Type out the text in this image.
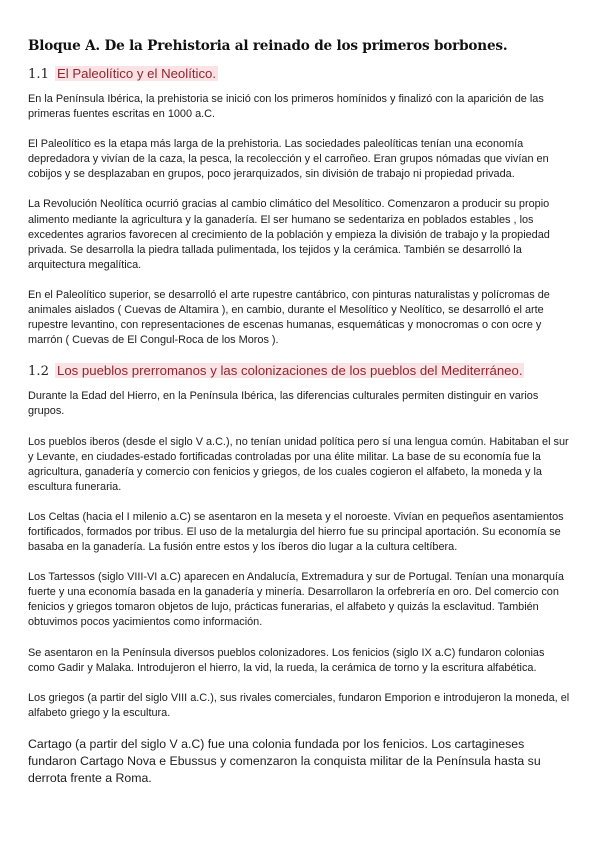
Bloque A. De la Prehistoria al reinado de los primeros borbones.
1.1 El Paleolítico y el Neolítico.

En la Península Ibérica, la prehistoria se inició con los primeros homínidos y finalizó con la aparición de las primeras fuentes escritas en 1000 a.C.

El Paleolítico es la etapa más larga de la prehistoria. Las sociedades paleolíticas tenían una economía depredadora y vivían de la caza, la pesca, la recolección y el carroñeo. Eran grupos nómadas que vivían en cobijos y se desplazaban en grupos, poco jerarquizados, sin división de trabajo ni propiedad privada.

La Revolución Neolítica ocurrió gracias al cambio climático del Mesolítico. Comenzaron a producir su propio alimento mediante la agricultura y la ganadería. El ser humano se sedentariza en poblados estables , los excedentes agrarios favorecen al crecimiento de la población y empieza la división de trabajo y la propiedad privada. Se desarrolla la piedra tallada pulimentada, los tejidos y la cerámica. También se desarrolló la arquitectura megalítica.

En el Paleolítico superior, se desarrolló el arte rupestre cantábrico, con pinturas naturalistas y polícromas de animales aislados ( Cuevas de Altamira ), en cambio, durante el Mesolítico y Neolítico, se desarrolló el arte rupestre levantino, con representaciones de escenas humanas, esquemáticas y monocromas o con ocre y marrón ( Cuevas de El Congul-Roca de los Moros ).

1.2 Los pueblos prerromanos y las colonizaciones de los pueblos del Mediterráneo.

Durante la Edad del Hierro, en la Península Ibérica, las diferencias culturales permiten distinguir en varios grupos.

Los pueblos iberos (desde el siglo V a.C.), no tenían unidad política pero sí una lengua común. Habitaban el sur y Levante, en ciudades-estado fortificadas controladas por una élite militar. La base de su economía fue la agricultura, ganadería y comercio con fenicios y griegos, de los cuales cogieron el alfabeto, la moneda y la escultura funeraria.

Los Celtas (hacia el I milenio a.C) se asentaron en la meseta y el noroeste. Vivían en pequeños asentamientos fortificados, formados por tribus. El uso de la metalurgia del hierro fue su principal aportación. Su economía se basaba en la ganadería. La fusión entre estos y los íberos dio lugar a la cultura celtíbera.

Los Tartessos (siglo VIII-VI a.C) aparecen en Andalucía, Extremadura y sur de Portugal. Tenían una monarquía fuerte y una economía basada en la ganadería y minería. Desarrollaron la orfebrería en oro. Del comercio con fenicios y griegos tomaron objetos de lujo, prácticas funerarias, el alfabeto y quizás la esclavitud. También obtuvimos pocos yacimientos como información.

Se asentaron en la Península diversos pueblos colonizadores. Los fenicios (siglo IX a.C) fundaron colonias como Gadir y Malaka. Introdujeron el hierro, la vid, la rueda, la cerámica de torno y la escritura alfabética.

Los griegos (a partir del siglo VIII a.C.), sus rivales comerciales, fundaron Emporion e introdujeron la moneda, el alfabeto griego y la escultura.

Cartago (a partir del siglo V a.C) fue una colonia fundada por los fenicios. Los cartagineses fundaron Cartago Nova e Ebussus y comenzaron la conquista militar de la Península hasta su derrota frente a Roma.
